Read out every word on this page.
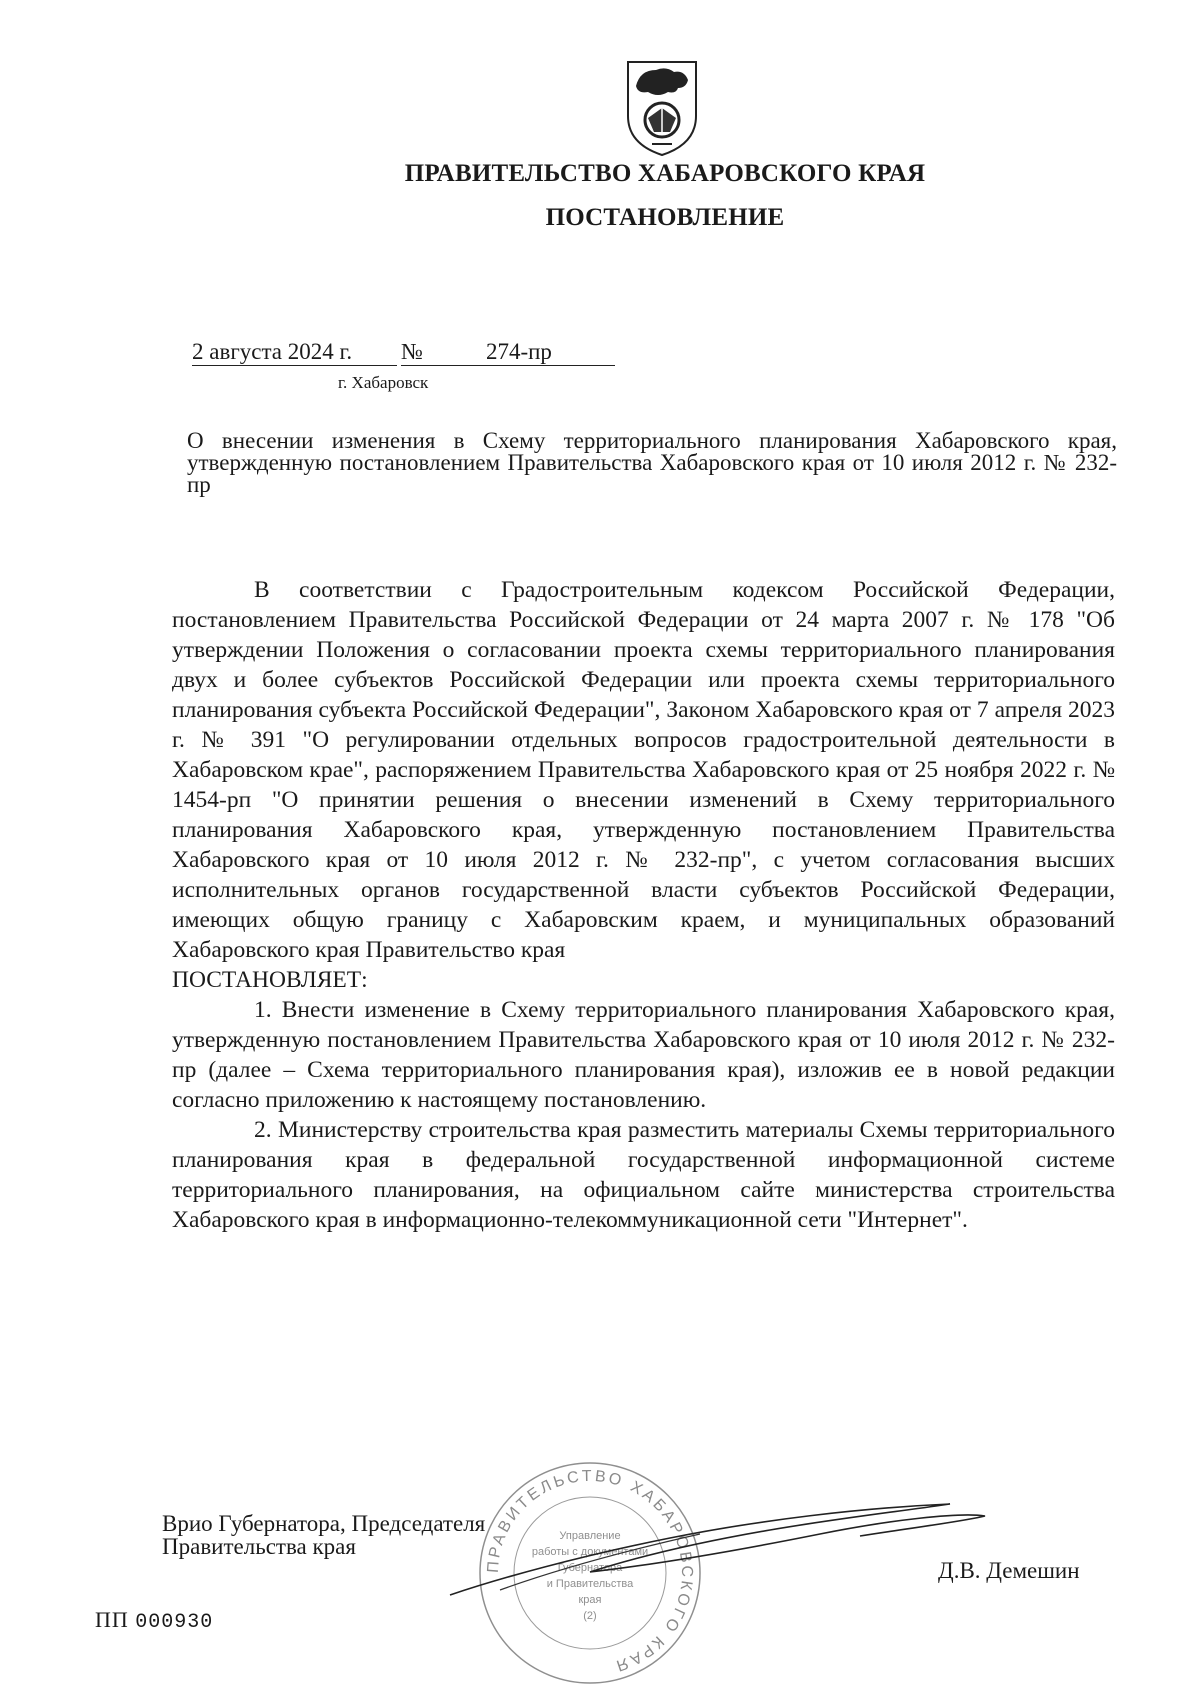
ПРАВИТЕЛЬСТВО ХАБАРОВСКОГО КРАЯ
ПОСТАНОВЛЕНИЕ
2 августа 2024 г. №	274-пр
г. Хабаровск
О внесении изменения в Схему территориального планирования Хабаровского края, утвержденную постановлением Правительства Хабаровского края от 10 июля 2012 г. № 232-пр

В соответствии с Градостроительным кодексом Российской Федерации, постановлением Правительства Российской Федерации от 24 марта 2007 г. № 178 "Об утверждении Положения о согласовании проекта схемы территориального планирования двух и более субъектов Российской Федерации или проекта схемы территориального планирования субъекта Российской Федерации", Законом Хабаровского края от 7 апреля 2023 г. № 391 "О регулировании отдельных вопросов градостроительной деятельности в Хабаровском крае", распоряжением Правительства Хабаровского края от 25 ноября 2022 г. № 1454-рп "О принятии решения о внесении изменений в Схему территориального планирования Хабаровского края, утвержденную постановлением Правительства Хабаровского края от 10 июля 2012 г. № 232-пр", с учетом согласования высших исполнительных органов государственной власти субъектов Российской Федерации, имеющих общую границу с Хабаровским краем, и муниципальных образований Хабаровского края Правительство края

ПОСТАНОВЛЯЕТ:

1. Внести изменение в Схему территориального планирования Хабаровского края, утвержденную постановлением Правительства Хабаровского края от 10 июля 2012 г. № 232-пр (далее – Схема территориального планирования края), изложив ее в новой редакции согласно приложению к настоящему постановлению.

2. Министерству строительства края разместить материалы Схемы территориального планирования края в федеральной государственной информационной системе территориального планирования, на официальном сайте министерства строительства Хабаровского края в информационно-телекоммуникационной сети "Интернет".

ПРАВИТЕЛЬСТВО ХАБАРОВСКОГО КРАЯ
Управление
работы с документами
Губернатора
и Правительства
края
(2)
Врио Губернатора, Председателя
Правительства края
Д.В. Демешин
ПП 000930
